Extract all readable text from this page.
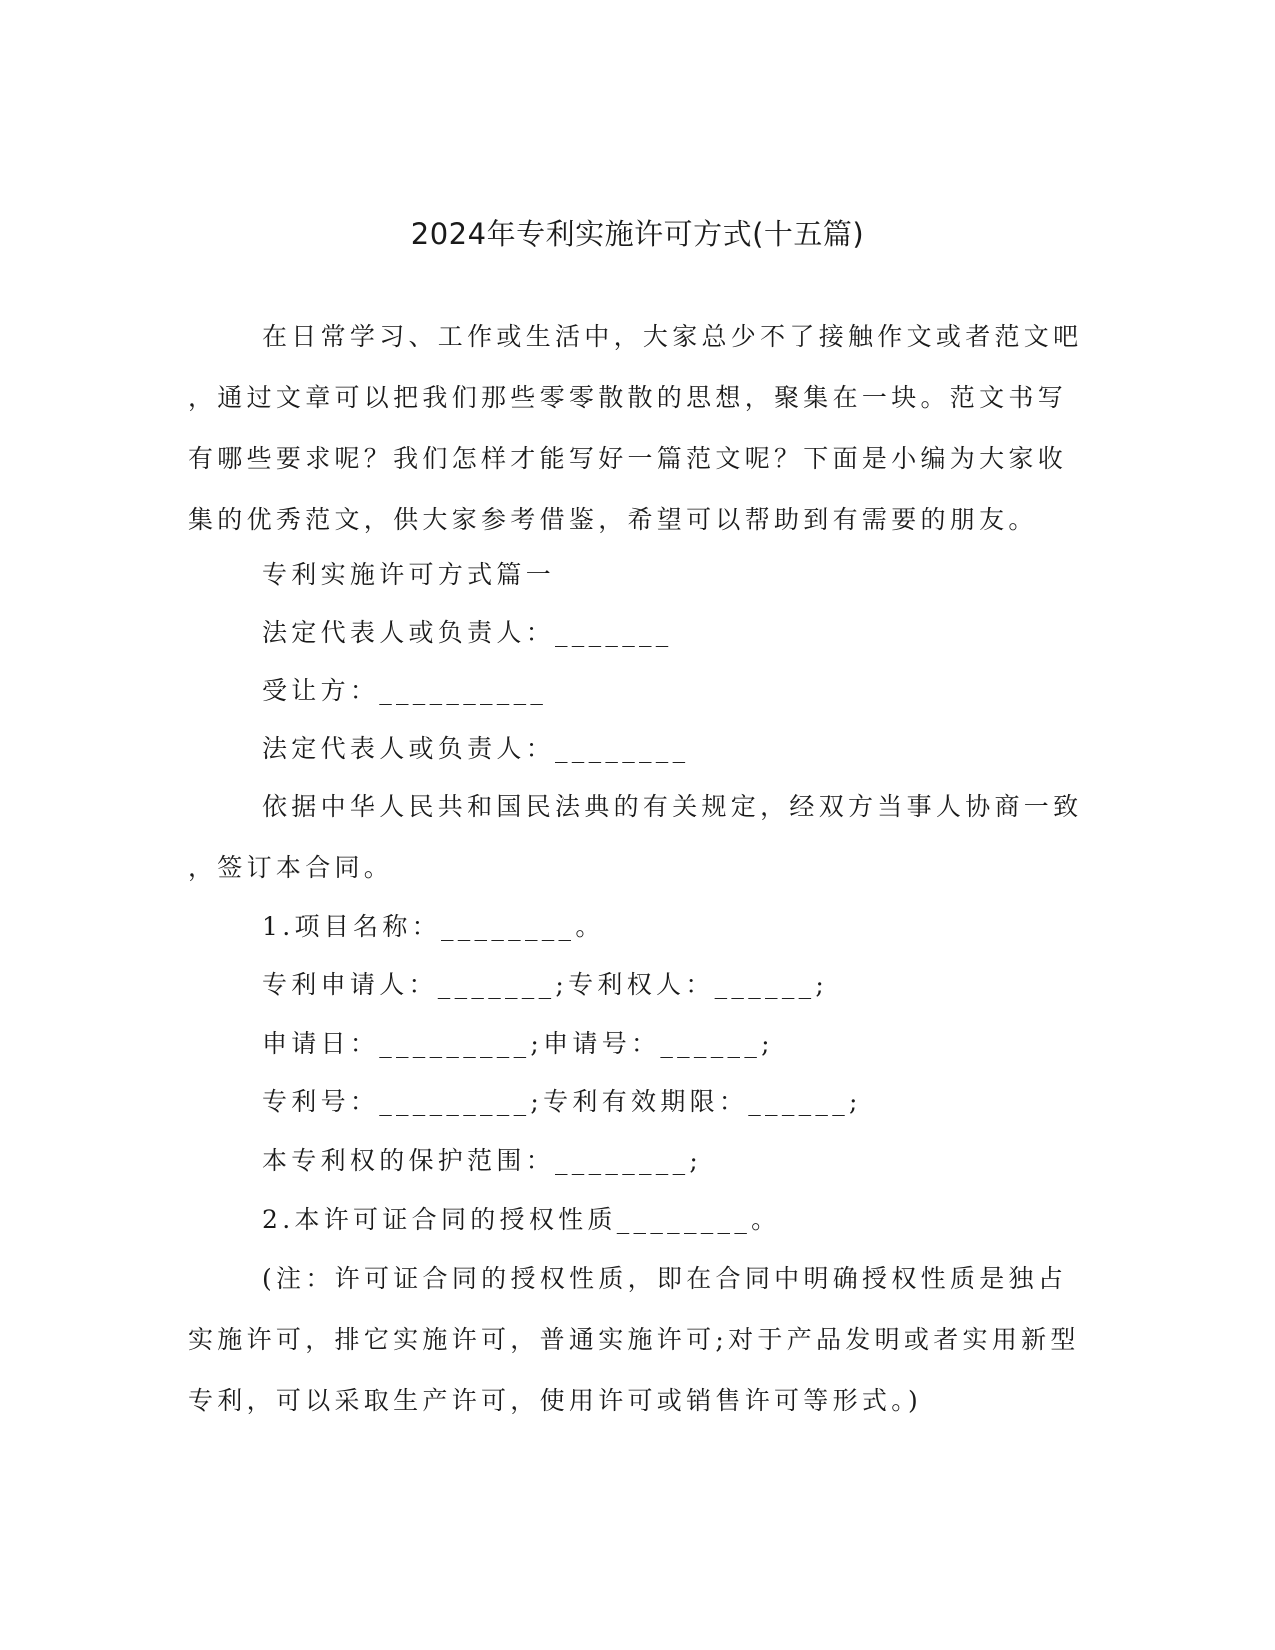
2024年专利实施许可方式(十五篇)
在日常学习、工作或生活中，大家总少不了接触作文或者范文吧
，通过文章可以把我们那些零零散散的思想，聚集在一块。范文书写
有哪些要求呢？我们怎样才能写好一篇范文呢？下面是小编为大家收
集的优秀范文，供大家参考借鉴，希望可以帮助到有需要的朋友。
专利实施许可方式篇一
法定代表人或负责人：_______
受让方：__________
法定代表人或负责人：________
依据中华人民共和国民法典的有关规定，经双方当事人协商一致
，签订本合同。
1.项目名称：________。
专利申请人：_______;专利权人：______;
申请日：_________;申请号：______;
专利号：_________;专利有效期限：______;
本专利权的保护范围：________;
2.本许可证合同的授权性质________。
(注：许可证合同的授权性质，即在合同中明确授权性质是独占
实施许可，排它实施许可，普通实施许可;对于产品发明或者实用新型
专利，可以采取生产许可，使用许可或销售许可等形式。)
